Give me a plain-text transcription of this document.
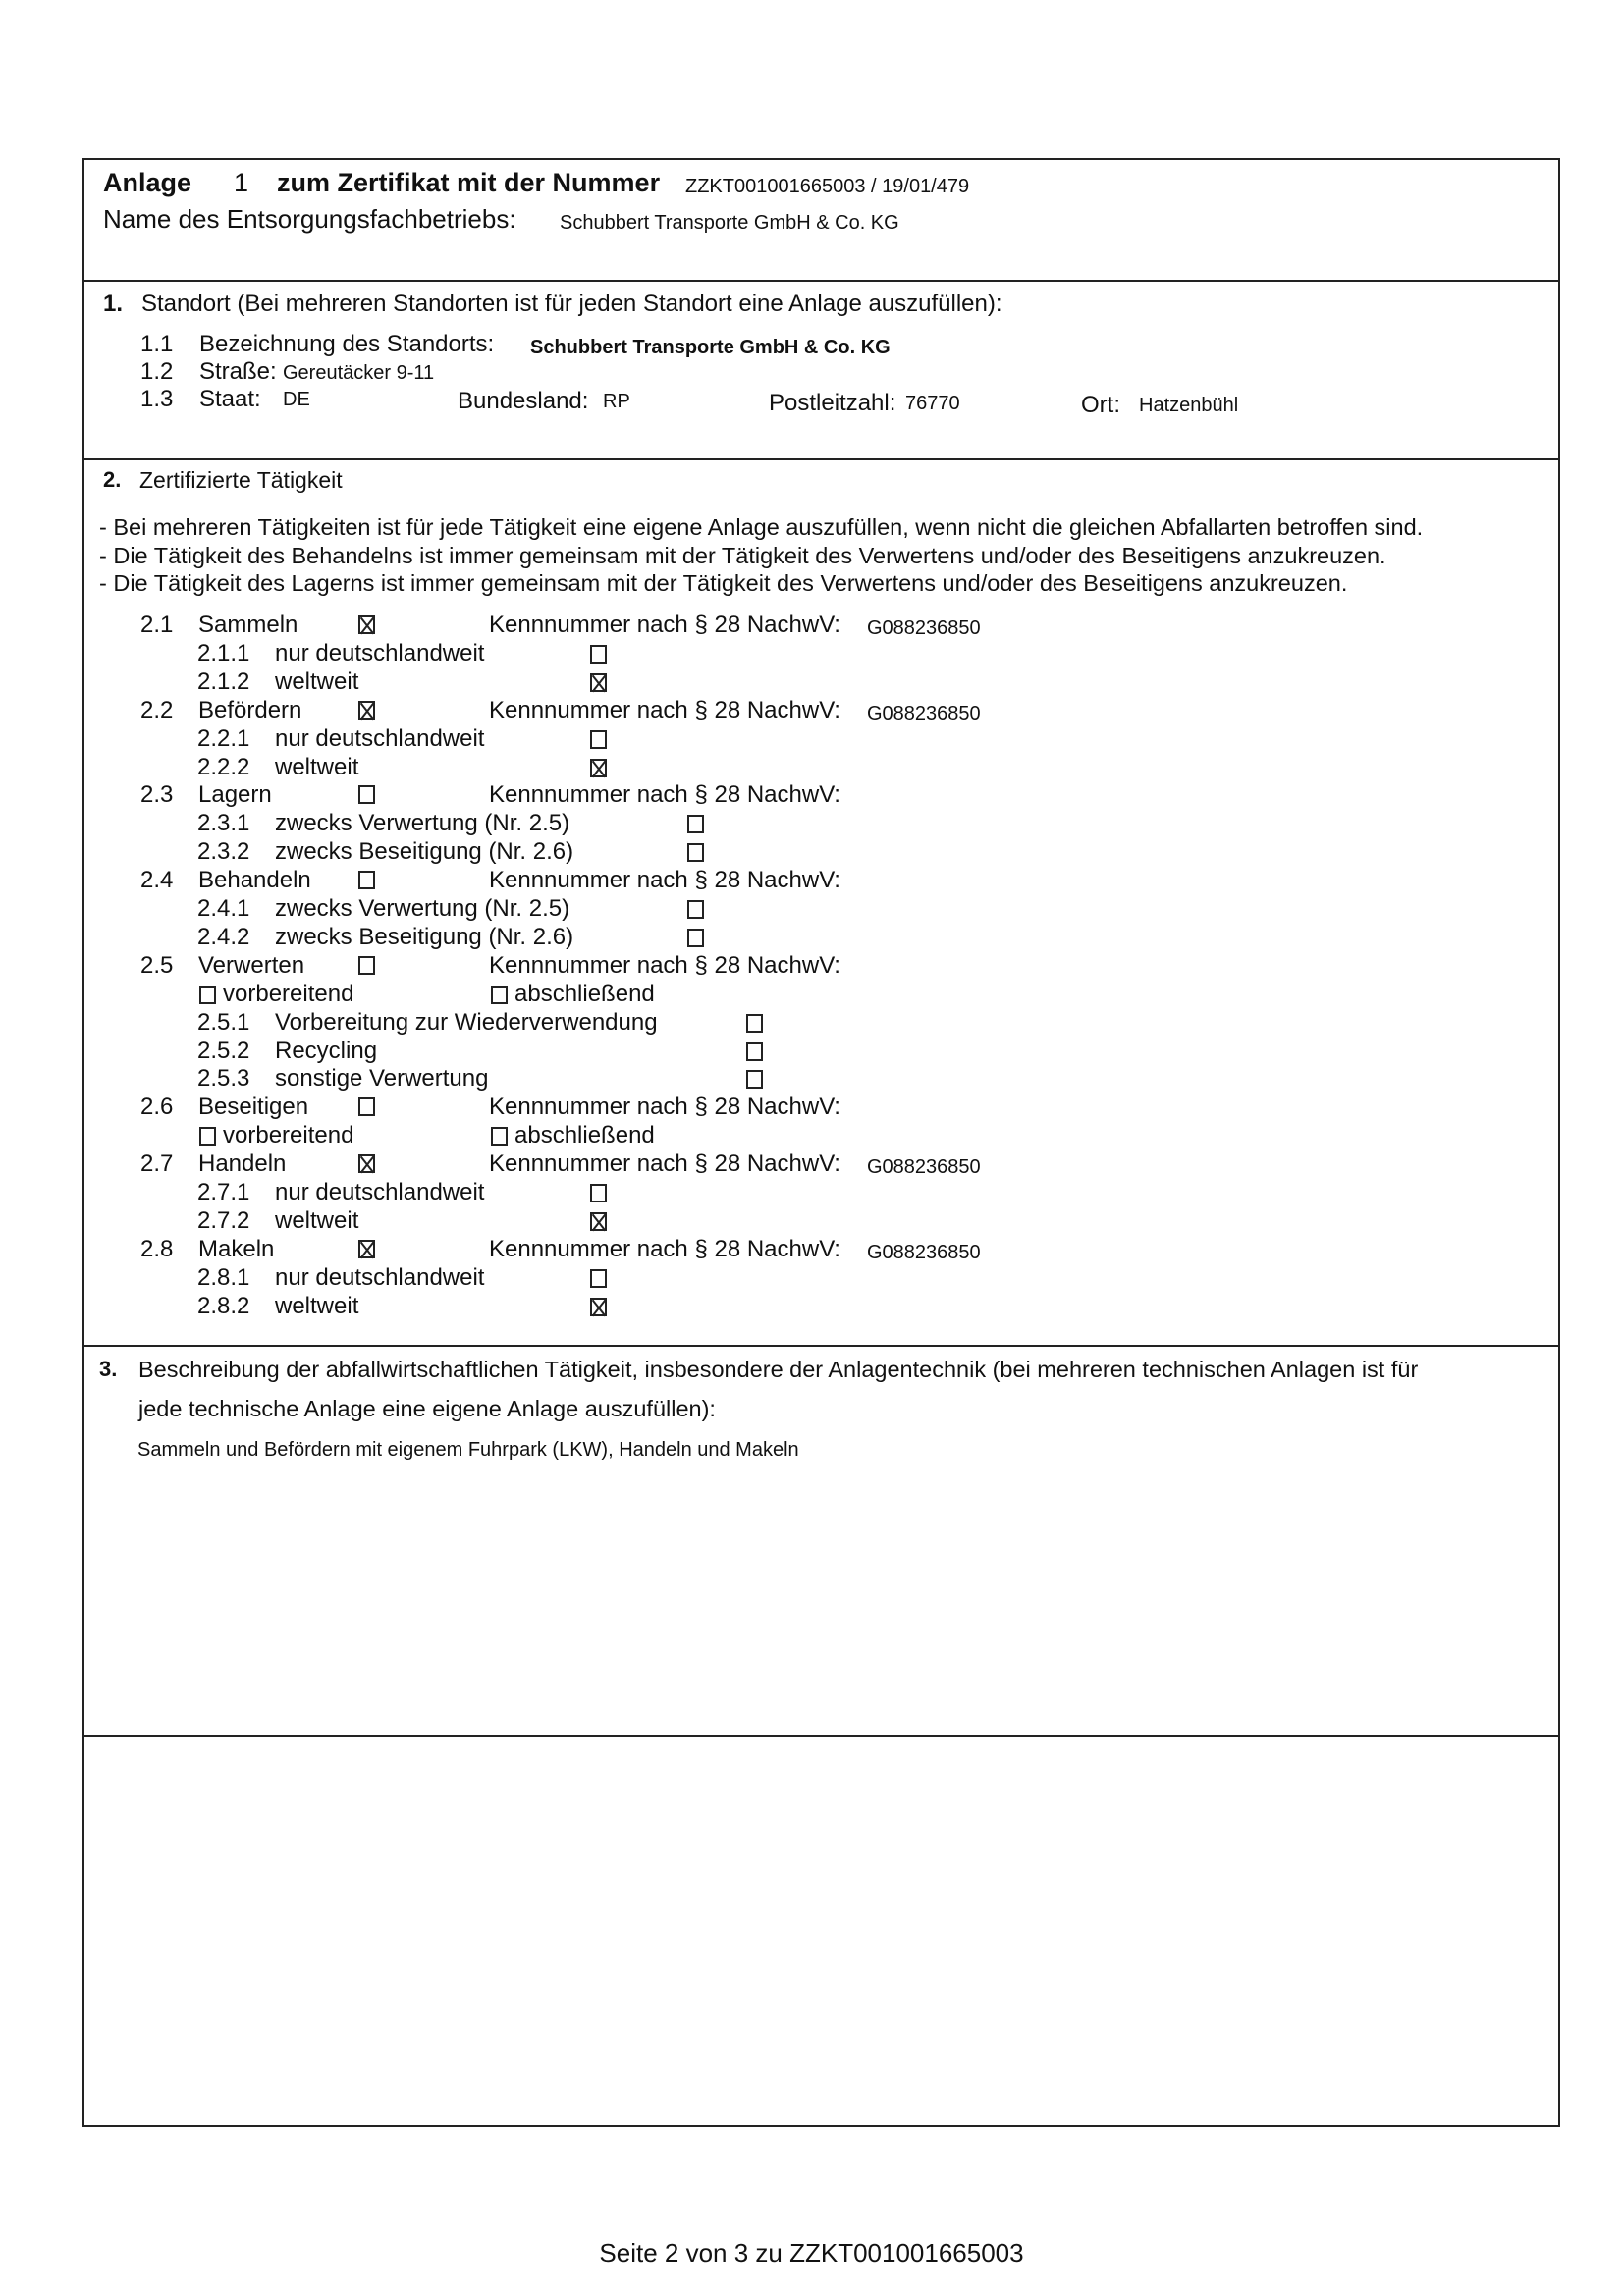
Anlage 1 zum Zertifikat mit der Nummer ZZKT001001665003 / 19/01/479
Name des Entsorgungsfachbetriebs: Schubbert Transporte GmbH & Co. KG
1. Standort (Bei mehreren Standorten ist für jeden Standort eine Anlage auszufüllen):
1.1 Bezeichnung des Standorts: Schubbert Transporte GmbH & Co. KG
1.2 Straße: Gereutäcker 9-11
1.3 Staat: DE	Bundesland: RP	Postleitzahl: 76770	Ort: Hatzenbühl
2. Zertifizierte Tätigkeit
- Bei mehreren Tätigkeiten ist für jede Tätigkeit eine eigene Anlage auszufüllen, wenn nicht die gleichen Abfallarten betroffen sind.
- Die Tätigkeit des Behandelns ist immer gemeinsam mit der Tätigkeit des Verwertens und/oder des Beseitigens anzukreuzen.
- Die Tätigkeit des Lagerns ist immer gemeinsam mit der Tätigkeit des Verwertens und/oder des Beseitigens anzukreuzen.
2.1 Sammeln	Kennnummer nach § 28 NachwV: G088236850
2.1.1 nur deutschlandweit
2.1.2 weltweit
2.2 Befördern	Kennnummer nach § 28 NachwV: G088236850
2.2.1 nur deutschlandweit
2.2.2 weltweit
2.3 Lagern	Kennnummer nach § 28 NachwV:
2.3.1 zwecks Verwertung (Nr. 2.5)
2.3.2 zwecks Beseitigung (Nr. 2.6)
2.4 Behandeln	Kennnummer nach § 28 NachwV:
2.4.1 zwecks Verwertung (Nr. 2.5)
2.4.2 zwecks Beseitigung (Nr. 2.6)
2.5 Verwerten	Kennnummer nach § 28 NachwV:
vorbereitend	abschließend
2.5.1 Vorbereitung zur Wiederverwendung
2.5.2 Recycling
2.5.3 sonstige Verwertung
2.6 Beseitigen	Kennnummer nach § 28 NachwV:
vorbereitend	abschließend
2.7 Handeln	Kennnummer nach § 28 NachwV: G088236850
2.7.1 nur deutschlandweit
2.7.2 weltweit
2.8 Makeln	Kennnummer nach § 28 NachwV: G088236850
2.8.1 nur deutschlandweit
2.8.2 weltweit
3. Beschreibung der abfallwirtschaftlichen Tätigkeit, insbesondere der Anlagentechnik (bei mehreren technischen Anlagen ist für
jede technische Anlage eine eigene Anlage auszufüllen):
Sammeln und Befördern mit eigenem Fuhrpark (LKW), Handeln und Makeln
Seite 2 von 3 zu ZZKT001001665003
